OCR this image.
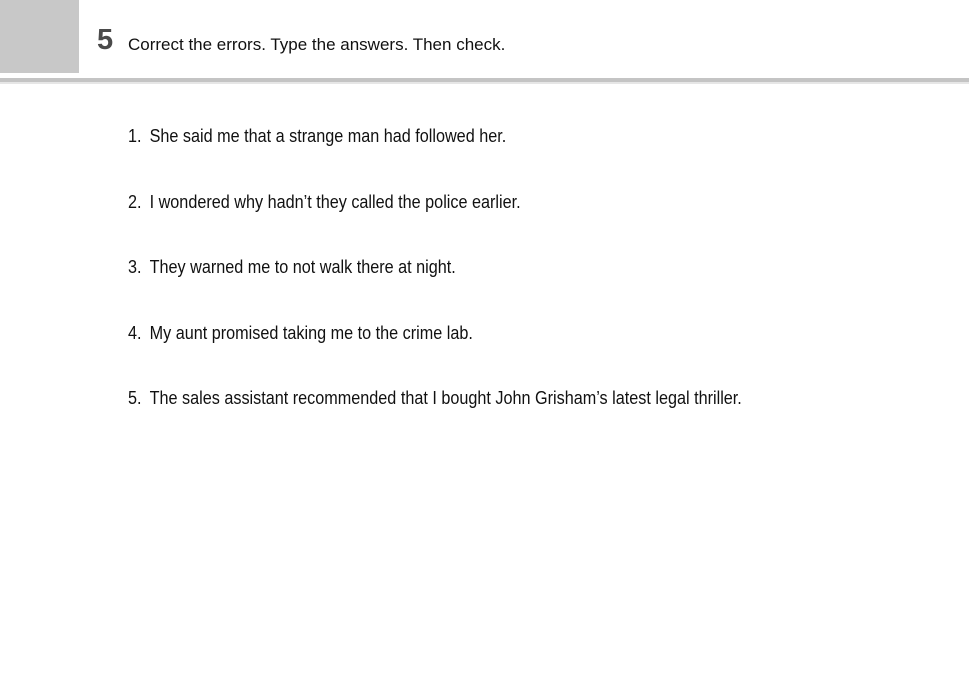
5 Correct the errors. Type the answers. Then check.
1. She said me that a strange man had followed her.
2. I wondered why hadn’t they called the police earlier.
3. They warned me to not walk there at night.
4. My aunt promised taking me to the crime lab.
5. The sales assistant recommended that I bought John Grisham’s latest legal thriller.
